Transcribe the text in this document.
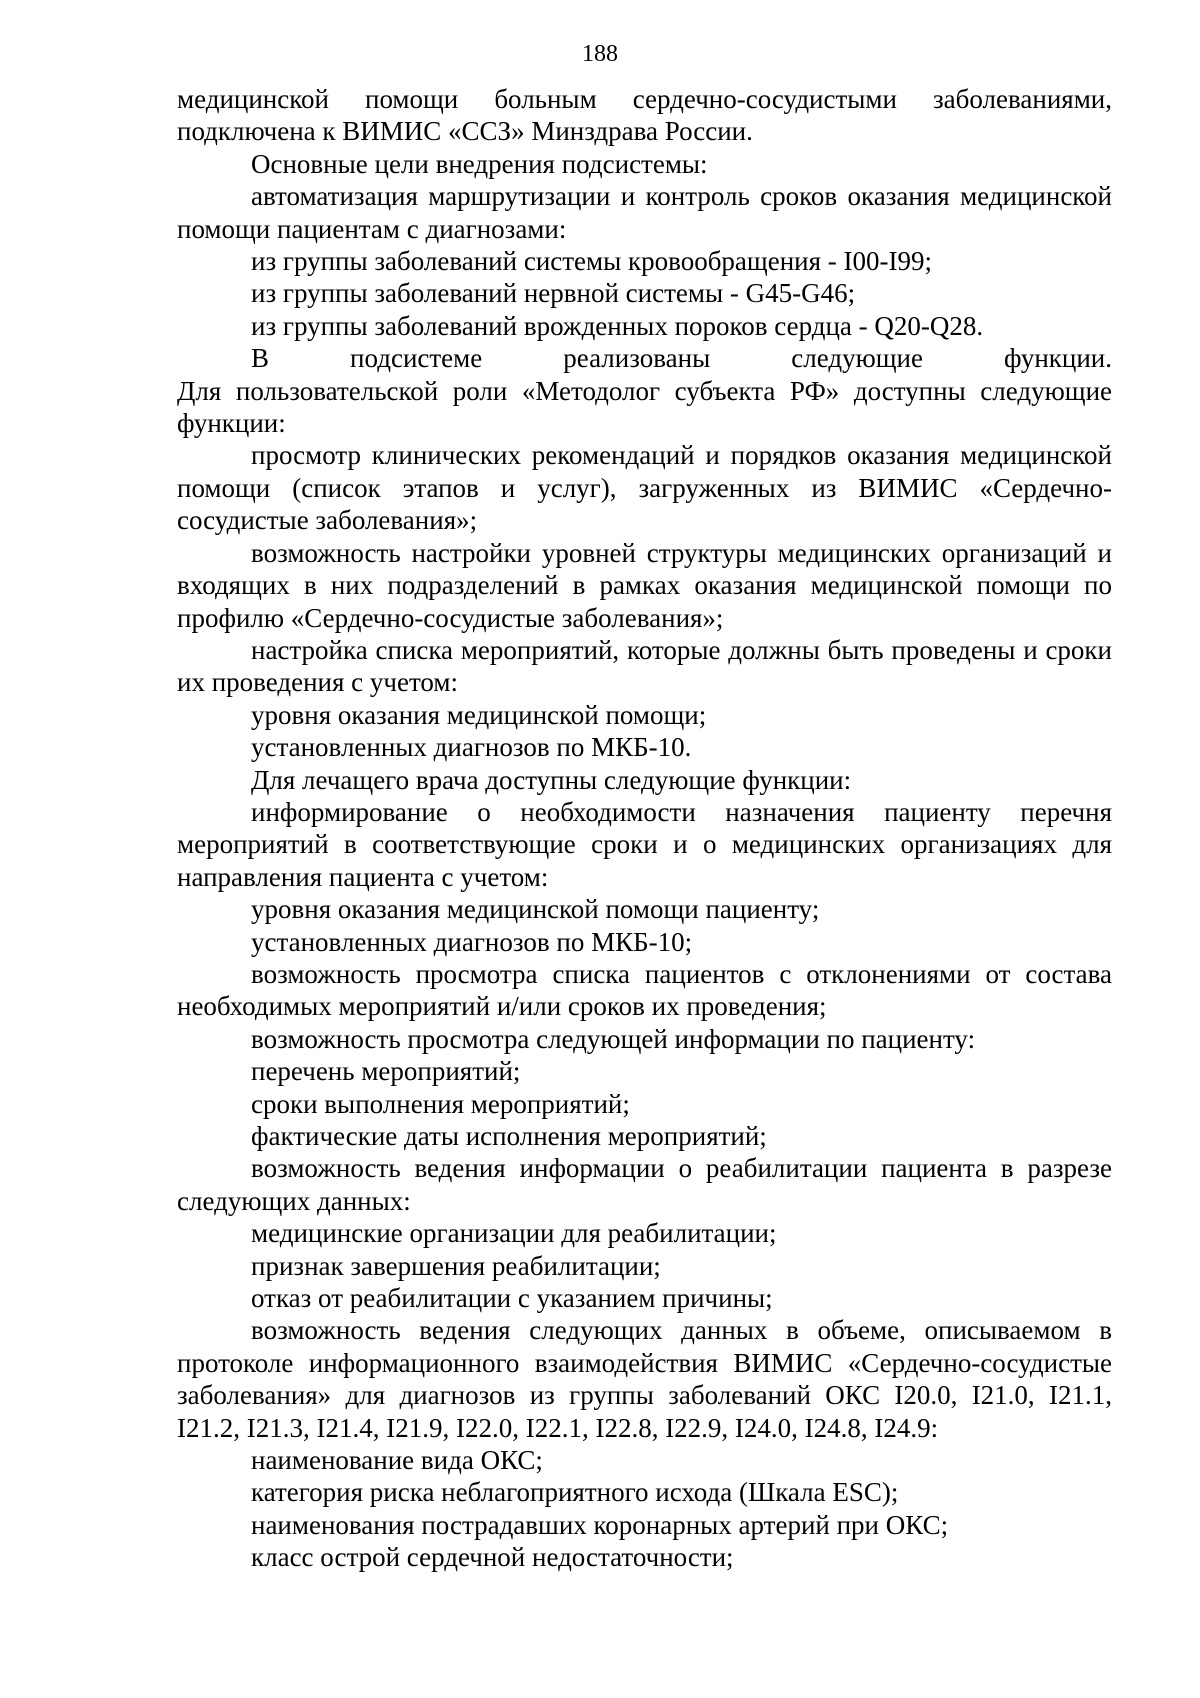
188

медицинской помощи больным сердечно-сосудистыми заболеваниями, подключена к ВИМИС «ССЗ» Минздрава России.

Основные цели внедрения подсистемы:

автоматизация маршрутизации и контроль сроков оказания медицинской помощи пациентам с диагнозами:

из группы заболеваний системы кровообращения - I00-I99;

из группы заболеваний нервной системы - G45-G46;

из группы заболеваний врожденных пороков сердца - Q20-Q28.

В подсистеме реализованы следующие функции.

Для пользовательской роли «Методолог субъекта РФ» доступны следующие функции:

просмотр клинических рекомендаций и порядков оказания медицинской помощи (список этапов и услуг), загруженных из ВИМИС «Сердечно-сосудистые заболевания»;

возможность настройки уровней структуры медицинских организаций и входящих в них подразделений в рамках оказания медицинской помощи по профилю «Сердечно-сосудистые заболевания»;

настройка списка мероприятий, которые должны быть проведены и сроки их проведения с учетом:

уровня оказания медицинской помощи;

установленных диагнозов по МКБ-10.

Для лечащего врача доступны следующие функции:

информирование о необходимости назначения пациенту перечня мероприятий в соответствующие сроки и о медицинских организациях для направления пациента с учетом:

уровня оказания медицинской помощи пациенту;

установленных диагнозов по МКБ-10;

возможность просмотра списка пациентов с отклонениями от состава необходимых мероприятий и/или сроков их проведения;

возможность просмотра следующей информации по пациенту:

перечень мероприятий;

сроки выполнения мероприятий;

фактические даты исполнения мероприятий;

возможность ведения информации о реабилитации пациента в разрезе следующих данных:

медицинские организации для реабилитации;

признак завершения реабилитации;

отказ от реабилитации с указанием причины;

возможность ведения следующих данных в объеме, описываемом в протоколе информационного взаимодействия ВИМИС «Сердечно-сосудистые заболевания» для диагнозов из группы заболеваний ОКС I20.0, I21.0, I21.1, I21.2, I21.3, I21.4, I21.9, I22.0, I22.1, I22.8, I22.9, I24.0, I24.8, I24.9:

наименование вида ОКС;

категория риска неблагоприятного исхода (Шкала ESC);

наименования пострадавших коронарных артерий при ОКС;

класс острой сердечной недостаточности;
